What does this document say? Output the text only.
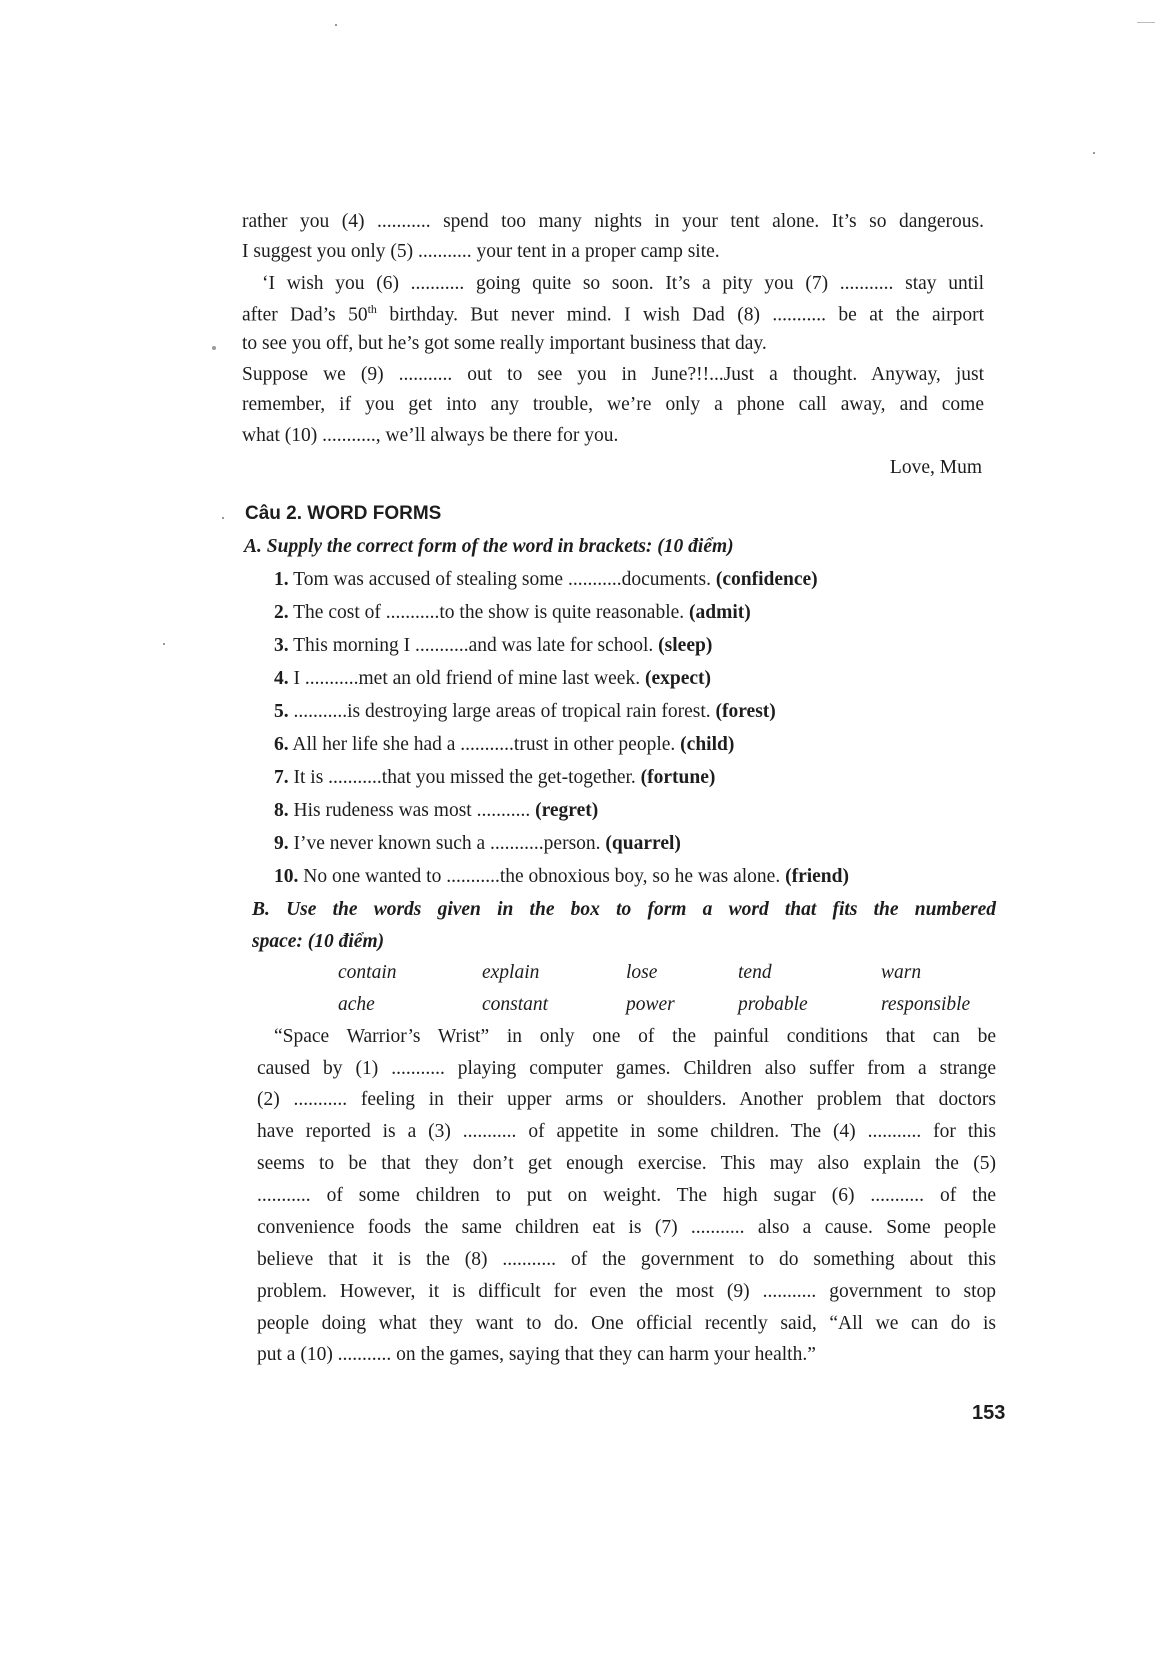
rather you (4) ........... spend too many nights in your tent alone. It’s so dangerous.
I suggest you only (5) ........... your tent in a proper camp site.
‘I wish you (6) ........... going quite so soon. It’s a pity you (7) ........... stay until
after Dad’s 50th birthday. But never mind. I wish Dad (8) ........... be at the airport
to see you off, but he’s got some really important business that day.
Suppose we (9) ........... out to see you in June?!!...Just a thought. Anyway, just
remember, if you get into any trouble, we’re only a phone call away, and come
what (10) ..........., we’ll always be there for you.
Love, Mum
Câu 2. WORD FORMS
A. Supply the correct form of the word in brackets: (10 điểm)
1. Tom was accused of stealing some ...........documents. (confidence)
2. The cost of ...........to the show is quite reasonable. (admit)
3. This morning I ...........and was late for school. (sleep)
4. I ...........met an old friend of mine last week. (expect)
5. ...........is destroying large areas of tropical rain forest. (forest)
6. All her life she had a ...........trust in other people. (child)
7. It is ...........that you missed the get-together. (fortune)
8. His rudeness was most ........... (regret)
9. I’ve never known such a ...........person. (quarrel)
10. No one wanted to ...........the obnoxious boy, so he was alone. (friend)
B. Use the words given in the box to form a word that fits the numbered
space: (10 điểm)
contain	explain	lose	tend	warn
ache	constant	power	probable	responsible
“Space Warrior’s Wrist” in only one of the painful conditions that can be
caused by (1) ........... playing computer games. Children also suffer from a strange
(2) ........... feeling in their upper arms or shoulders. Another problem that doctors
have reported is a (3) ........... of appetite in some children. The (4) ........... for this
seems to be that they don’t get enough exercise. This may also explain the (5)
........... of some children to put on weight. The high sugar (6) ........... of the
convenience foods the same children eat is (7) ........... also a cause. Some people
believe that it is the (8) ........... of the government to do something about this
problem. However, it is difficult for even the most (9) ........... government to stop
people doing what they want to do. One official recently said, “All we can do is
put a (10) ........... on the games, saying that they can harm your health.”
153
